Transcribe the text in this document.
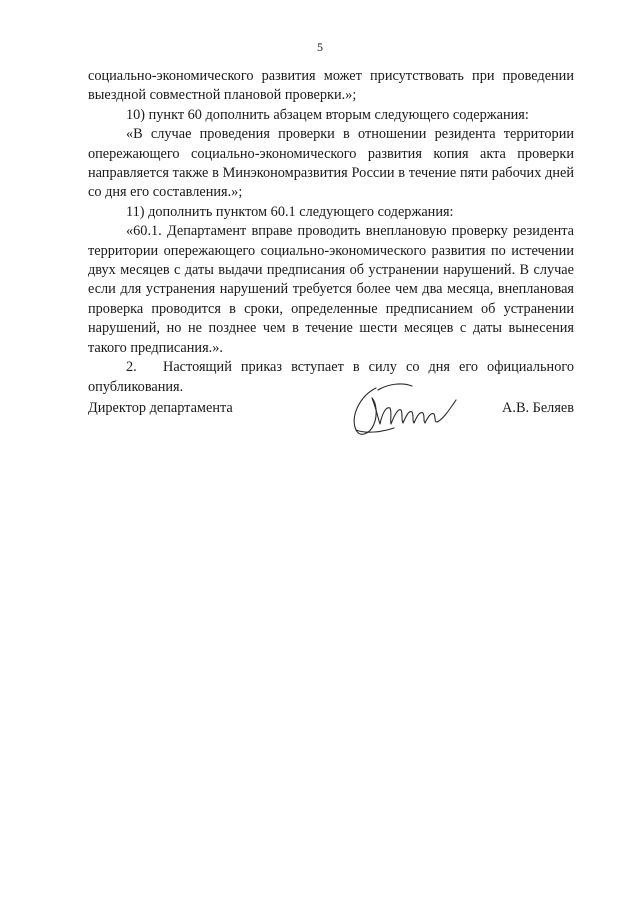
5

социально-экономического развития может присутствовать при проведении выездной совместной плановой проверки.»;

10) пункт 60 дополнить абзацем вторым следующего содержания:

«В случае проведения проверки в отношении резидента территории опережающего социально-экономического развития копия акта проверки направляется также в Минэкономразвития России в течение пяти рабочих дней со дня его составления.»;

11) дополнить пунктом 60.1 следующего содержания:

«60.1. Департамент вправе проводить внеплановую проверку резидента территории опережающего социально-экономического развития по истечении двух месяцев с даты выдачи предписания об устранении нарушений. В случае если для устранения нарушений требуется более чем два месяца, внеплановая проверка проводится в сроки, определенные предписанием об устранении нарушений, но не позднее чем в течение шести месяцев с даты вынесения такого предписания.».

2. Настоящий приказ вступает в силу со дня его официального опубликования.

Директор департамента	А.В. Беляев
